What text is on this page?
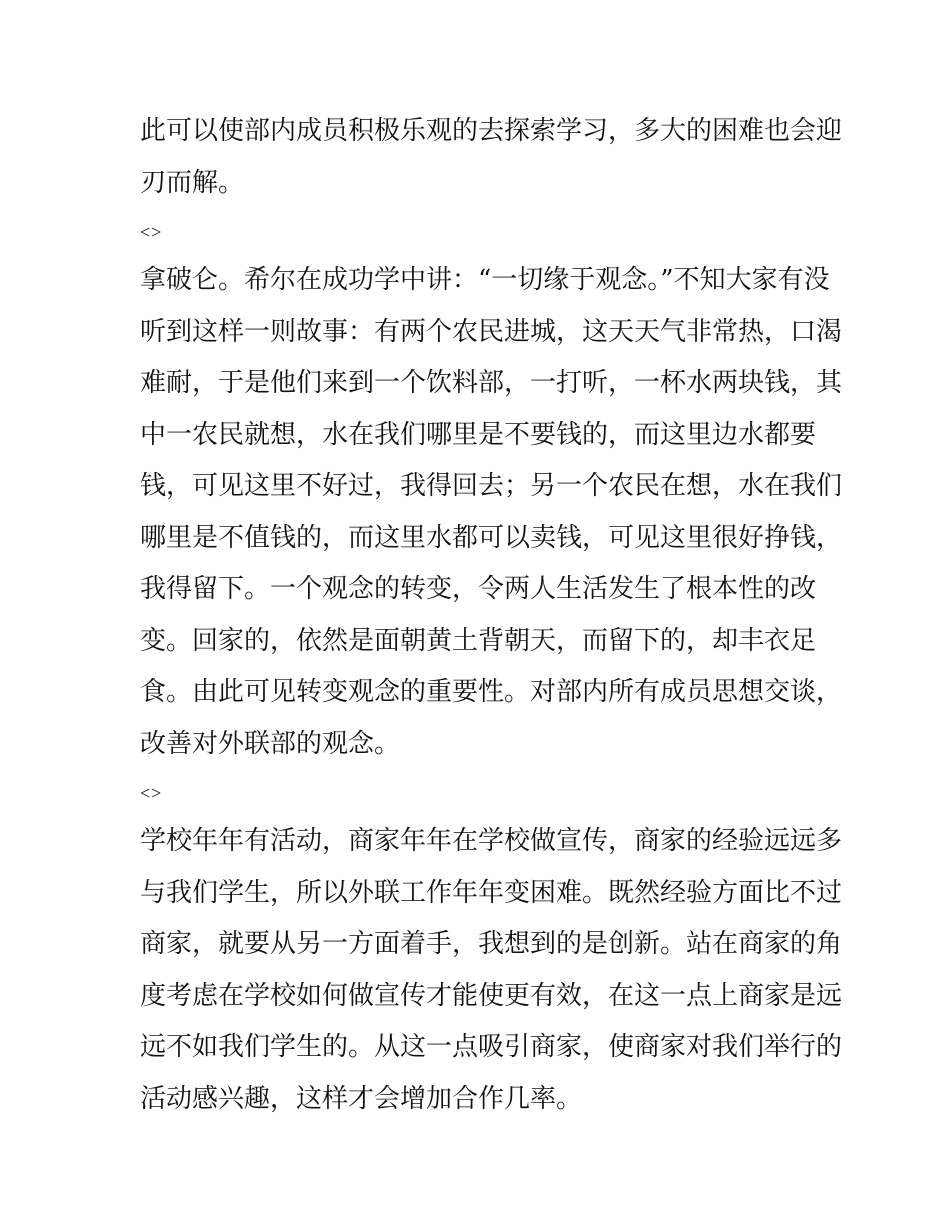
此可以使部内成员积极乐观的去探索学习，多大的困难也会迎
刃而解。
<>
拿破仑。希尔在成功学中讲：“一切缘于观念。”不知大家有没
听到这样一则故事：有两个农民进城，这天天气非常热，口渴
难耐，于是他们来到一个饮料部，一打听，一杯水两块钱，其
中一农民就想，水在我们哪里是不要钱的，而这里边水都要
钱，可见这里不好过，我得回去；另一个农民在想，水在我们
哪里是不值钱的，而这里水都可以卖钱，可见这里很好挣钱，
我得留下。一个观念的转变，令两人生活发生了根本性的改
变。回家的，依然是面朝黄土背朝天，而留下的，却丰衣足
食。由此可见转变观念的重要性。对部内所有成员思想交谈，
改善对外联部的观念。
<>
学校年年有活动，商家年年在学校做宣传，商家的经验远远多
与我们学生，所以外联工作年年变困难。既然经验方面比不过
商家，就要从另一方面着手，我想到的是创新。站在商家的角
度考虑在学校如何做宣传才能使更有效，在这一点上商家是远
远不如我们学生的。从这一点吸引商家，使商家对我们举行的
活动感兴趣，这样才会增加合作几率。
